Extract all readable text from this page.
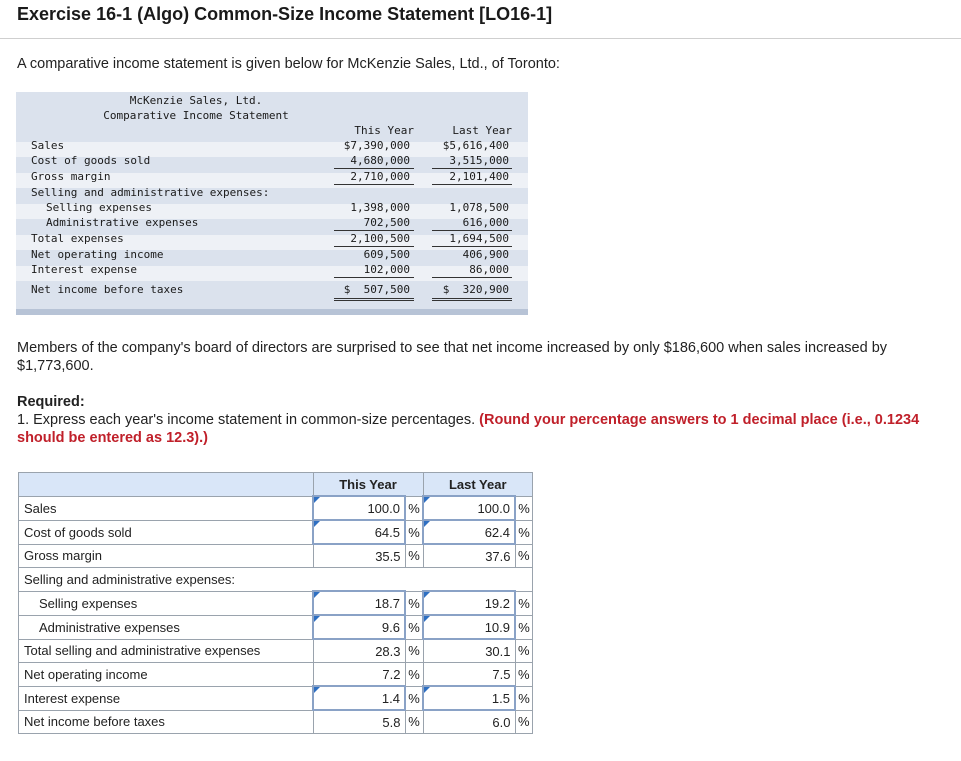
Exercise 16-1 (Algo) Common-Size Income Statement [LO16-1]

A comparative income statement is given below for McKenzie Sales, Ltd., of Toronto:

McKenzie Sales, Ltd.
Comparative Income Statement
This Year	Last Year
Sales	$7,390,000	$5,616,400
Cost of goods sold	4,680,000	3,515,000
Gross margin	2,710,000	2,101,400
Selling and administrative expenses:
Selling expenses	1,398,000	1,078,500
Administrative expenses	702,500	616,000
Total expenses	2,100,500	1,694,500
Net operating income	609,500	406,900
Interest expense	102,000	86,000
Net income before taxes	$  507,500	$  320,900

Members of the company's board of directors are surprised to see that net income increased by only $186,600 when sales increased by $1,773,600.

Required:

1. Express each year's income statement in common-size percentages. (Round your percentage answers to 1 decimal place (i.e., 0.1234 should be entered as 12.3).)

	This Year		Last Year	
Sales	100.0	%	100.0	%
Cost of goods sold	64.5	%	62.4	%
Gross margin	35.5	%	37.6	%
Selling and administrative expenses:				
Selling expenses	18.7	%	19.2	%
Administrative expenses	9.6	%	10.9	%
Total selling and administrative expenses	28.3	%	30.1	%
Net operating income	7.2	%	7.5	%
Interest expense	1.4	%	1.5	%
Net income before taxes	5.8	%	6.0	%
